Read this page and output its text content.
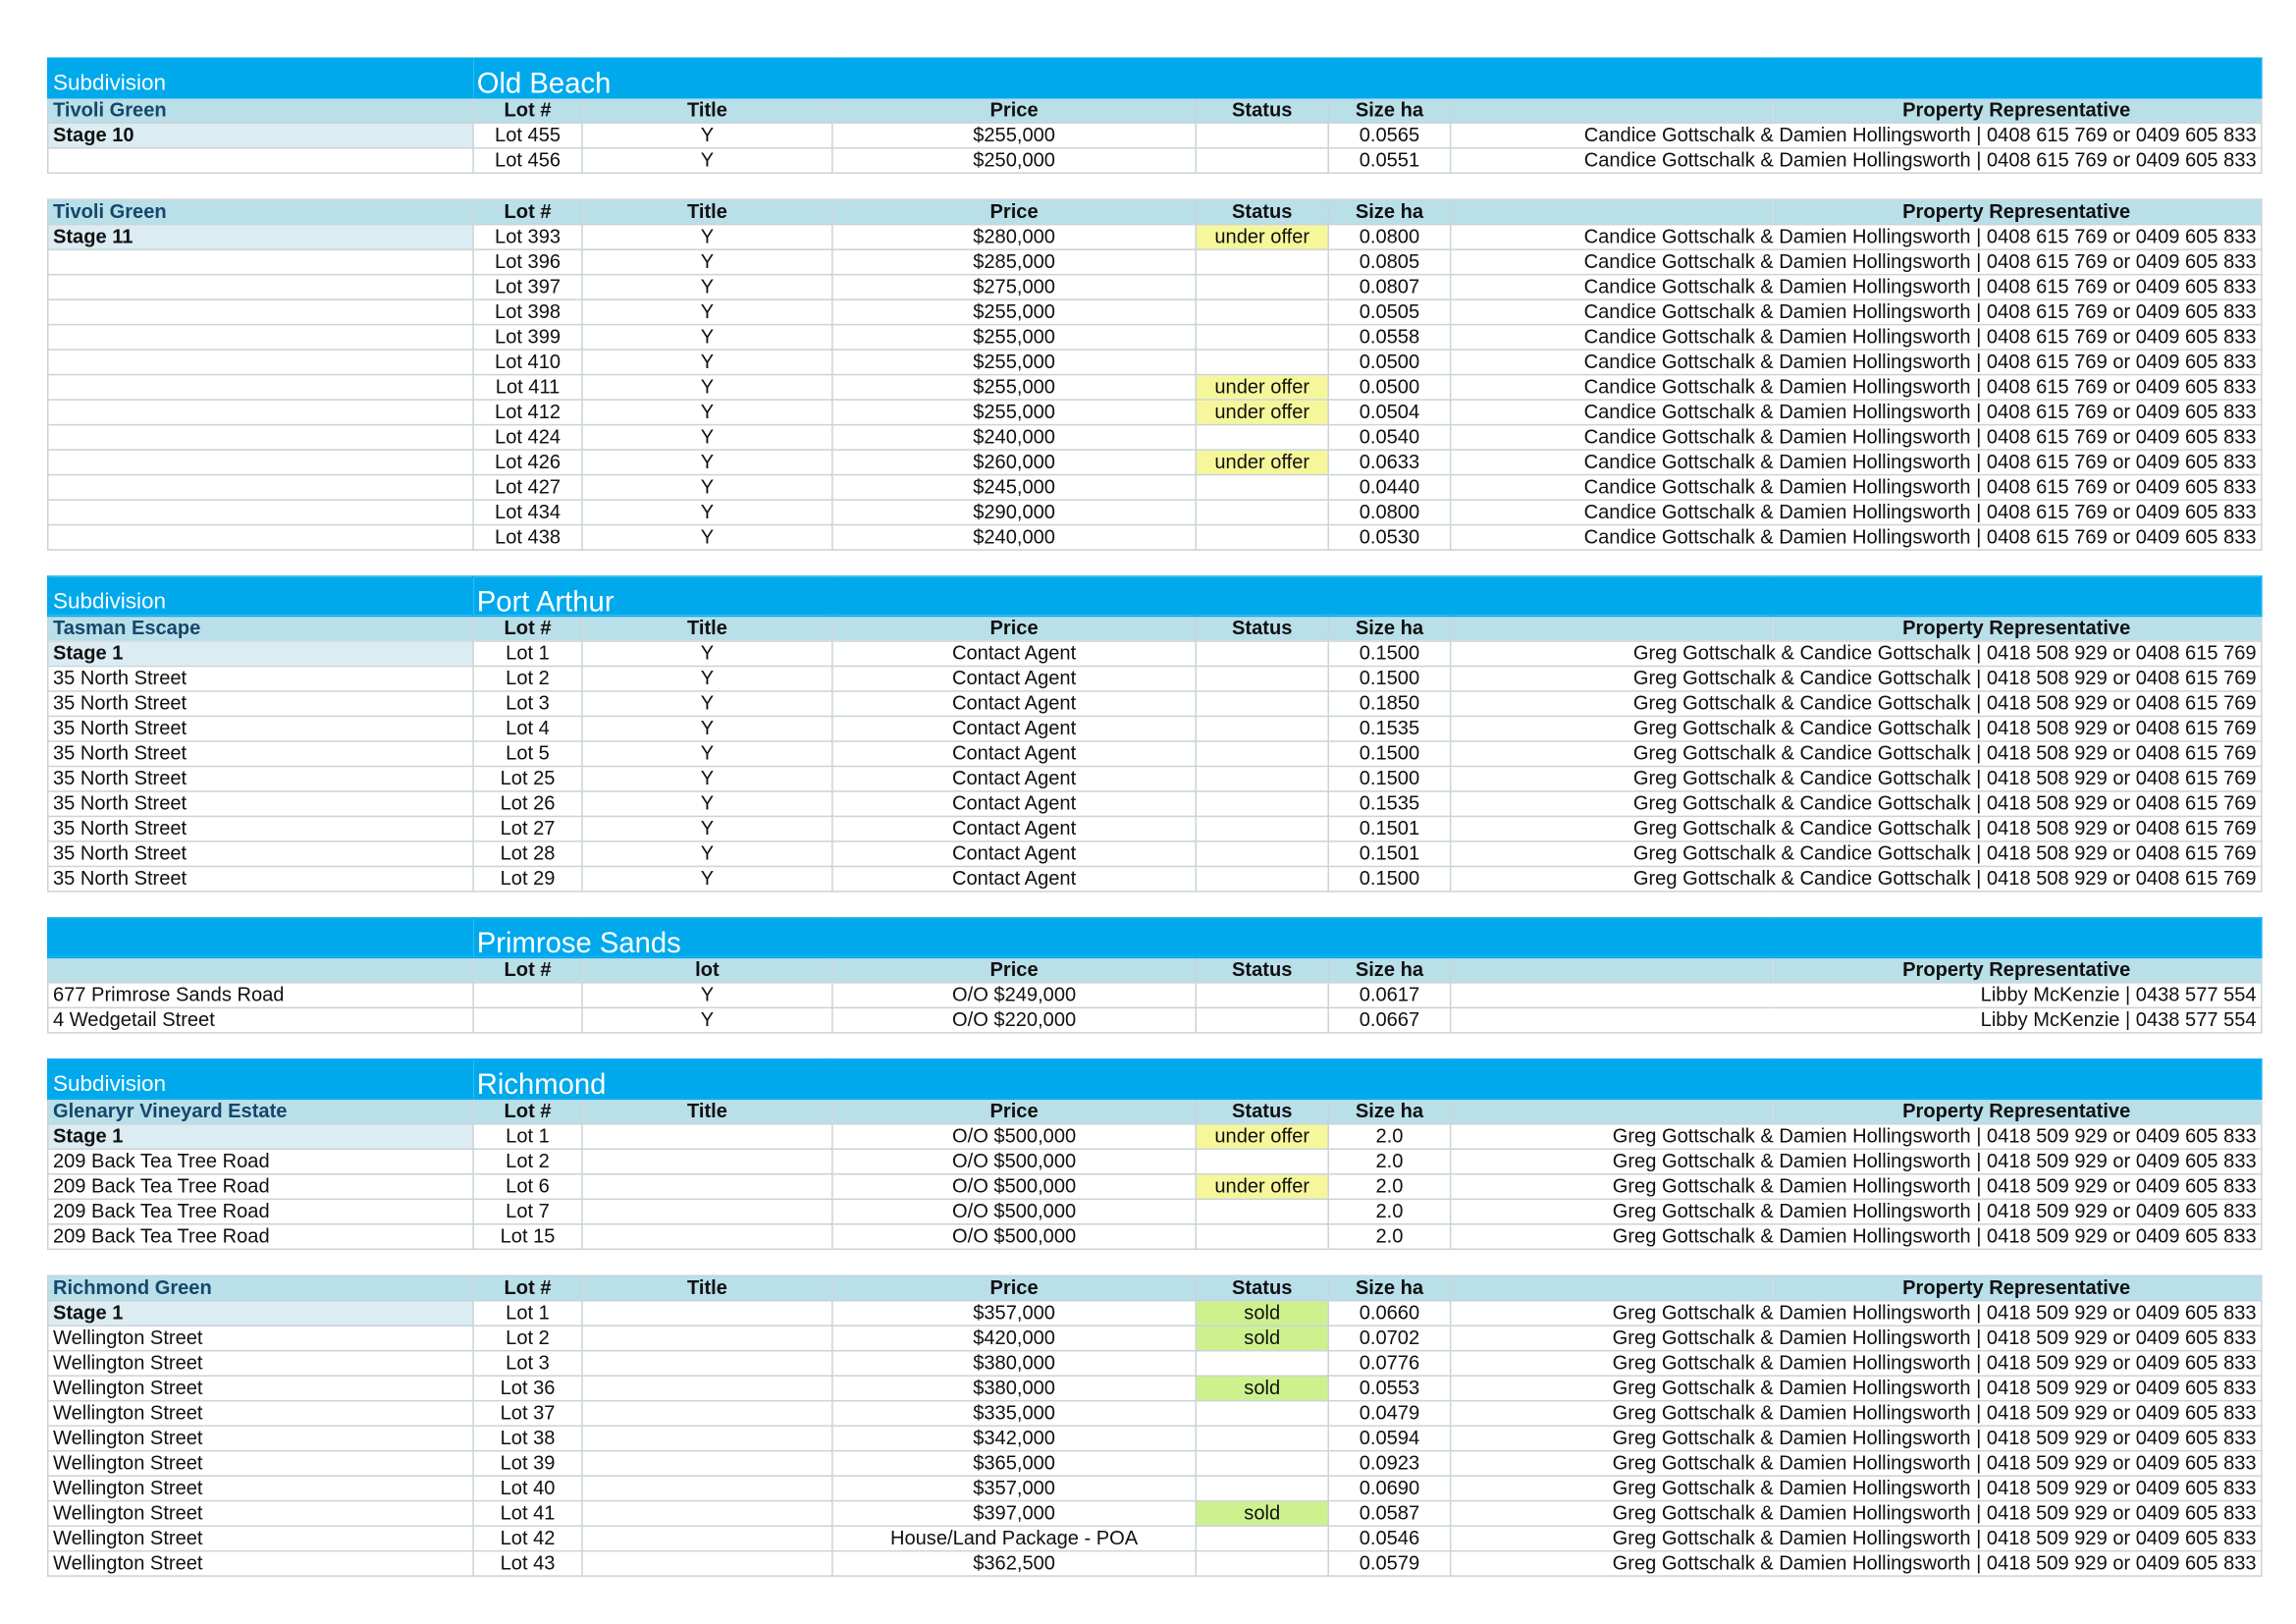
Subdivision	Old Beach						
Tivoli Green	Lot #	Title	Price	Status	Size ha		Property Representative
Stage 10	Lot 455	Y	$255,000		0.0565	Candice Gottschalk & Damien Hollingsworth | 0408 615 769 or 0409 605 833	
	Lot 456	Y	$250,000		0.0551	Candice Gottschalk & Damien Hollingsworth | 0408 615 769 or 0409 605 833	
Tivoli Green	Lot #	Title	Price	Status	Size ha		Property Representative
Stage 11	Lot 393	Y	$280,000	under offer	0.0800	Candice Gottschalk & Damien Hollingsworth | 0408 615 769 or 0409 605 833	
	Lot 396	Y	$285,000		0.0805	Candice Gottschalk & Damien Hollingsworth | 0408 615 769 or 0409 605 833	
	Lot 397	Y	$275,000		0.0807	Candice Gottschalk & Damien Hollingsworth | 0408 615 769 or 0409 605 833	
	Lot 398	Y	$255,000		0.0505	Candice Gottschalk & Damien Hollingsworth | 0408 615 769 or 0409 605 833	
	Lot 399	Y	$255,000		0.0558	Candice Gottschalk & Damien Hollingsworth | 0408 615 769 or 0409 605 833	
	Lot 410	Y	$255,000		0.0500	Candice Gottschalk & Damien Hollingsworth | 0408 615 769 or 0409 605 833	
	Lot 411	Y	$255,000	under offer	0.0500	Candice Gottschalk & Damien Hollingsworth | 0408 615 769 or 0409 605 833	
	Lot 412	Y	$255,000	under offer	0.0504	Candice Gottschalk & Damien Hollingsworth | 0408 615 769 or 0409 605 833	
	Lot 424	Y	$240,000		0.0540	Candice Gottschalk & Damien Hollingsworth | 0408 615 769 or 0409 605 833	
	Lot 426	Y	$260,000	under offer	0.0633	Candice Gottschalk & Damien Hollingsworth | 0408 615 769 or 0409 605 833	
	Lot 427	Y	$245,000		0.0440	Candice Gottschalk & Damien Hollingsworth | 0408 615 769 or 0409 605 833	
	Lot 434	Y	$290,000		0.0800	Candice Gottschalk & Damien Hollingsworth | 0408 615 769 or 0409 605 833	
	Lot 438	Y	$240,000		0.0530	Candice Gottschalk & Damien Hollingsworth | 0408 615 769 or 0409 605 833	
Subdivision	Port Arthur						
Tasman Escape	Lot #	Title	Price	Status	Size ha		Property Representative
Stage 1	Lot 1	Y	Contact Agent		0.1500	Greg Gottschalk & Candice Gottschalk | 0418 508 929 or 0408 615 769	
35 North Street	Lot 2	Y	Contact Agent		0.1500	Greg Gottschalk & Candice Gottschalk | 0418 508 929 or 0408 615 769	
35 North Street	Lot 3	Y	Contact Agent		0.1850	Greg Gottschalk & Candice Gottschalk | 0418 508 929 or 0408 615 769	
35 North Street	Lot 4	Y	Contact Agent		0.1535	Greg Gottschalk & Candice Gottschalk | 0418 508 929 or 0408 615 769	
35 North Street	Lot 5	Y	Contact Agent		0.1500	Greg Gottschalk & Candice Gottschalk | 0418 508 929 or 0408 615 769	
35 North Street	Lot 25	Y	Contact Agent		0.1500	Greg Gottschalk & Candice Gottschalk | 0418 508 929 or 0408 615 769	
35 North Street	Lot 26	Y	Contact Agent		0.1535	Greg Gottschalk & Candice Gottschalk | 0418 508 929 or 0408 615 769	
35 North Street	Lot 27	Y	Contact Agent		0.1501	Greg Gottschalk & Candice Gottschalk | 0418 508 929 or 0408 615 769	
35 North Street	Lot 28	Y	Contact Agent		0.1501	Greg Gottschalk & Candice Gottschalk | 0418 508 929 or 0408 615 769	
35 North Street	Lot 29	Y	Contact Agent		0.1500	Greg Gottschalk & Candice Gottschalk | 0418 508 929 or 0408 615 769	
	Primrose Sands						
	Lot #	lot	Price	Status	Size ha		Property Representative
677 Primrose Sands Road		Y	O/O $249,000		0.0617	Libby McKenzie | 0438 577 554	
4 Wedgetail Street		Y	O/O $220,000		0.0667	Libby McKenzie | 0438 577 554	
Subdivision	Richmond						
Glenaryr Vineyard Estate	Lot #	Title	Price	Status	Size ha		Property Representative
Stage 1	Lot 1		O/O $500,000	under offer	2.0	Greg Gottschalk & Damien Hollingsworth | 0418 509 929 or 0409 605 833	
209 Back Tea Tree Road	Lot 2		O/O $500,000		2.0	Greg Gottschalk & Damien Hollingsworth | 0418 509 929 or 0409 605 833	
209 Back Tea Tree Road	Lot 6		O/O $500,000	under offer	2.0	Greg Gottschalk & Damien Hollingsworth | 0418 509 929 or 0409 605 833	
209 Back Tea Tree Road	Lot 7		O/O $500,000		2.0	Greg Gottschalk & Damien Hollingsworth | 0418 509 929 or 0409 605 833	
209 Back Tea Tree Road	Lot 15		O/O $500,000		2.0	Greg Gottschalk & Damien Hollingsworth | 0418 509 929 or 0409 605 833	
Richmond Green	Lot #	Title	Price	Status	Size ha		Property Representative
Stage 1	Lot 1		$357,000	sold	0.0660	Greg Gottschalk & Damien Hollingsworth | 0418 509 929 or 0409 605 833	
Wellington Street	Lot 2		$420,000	sold	0.0702	Greg Gottschalk & Damien Hollingsworth | 0418 509 929 or 0409 605 833	
Wellington Street	Lot 3		$380,000		0.0776	Greg Gottschalk & Damien Hollingsworth | 0418 509 929 or 0409 605 833	
Wellington Street	Lot 36		$380,000	sold	0.0553	Greg Gottschalk & Damien Hollingsworth | 0418 509 929 or 0409 605 833	
Wellington Street	Lot 37		$335,000		0.0479	Greg Gottschalk & Damien Hollingsworth | 0418 509 929 or 0409 605 833	
Wellington Street	Lot 38		$342,000		0.0594	Greg Gottschalk & Damien Hollingsworth | 0418 509 929 or 0409 605 833	
Wellington Street	Lot 39		$365,000		0.0923	Greg Gottschalk & Damien Hollingsworth | 0418 509 929 or 0409 605 833	
Wellington Street	Lot 40		$357,000		0.0690	Greg Gottschalk & Damien Hollingsworth | 0418 509 929 or 0409 605 833	
Wellington Street	Lot 41		$397,000	sold	0.0587	Greg Gottschalk & Damien Hollingsworth | 0418 509 929 or 0409 605 833	
Wellington Street	Lot 42		House/Land Package - POA		0.0546	Greg Gottschalk & Damien Hollingsworth | 0418 509 929 or 0409 605 833	
Wellington Street	Lot 43		$362,500		0.0579	Greg Gottschalk & Damien Hollingsworth | 0418 509 929 or 0409 605 833	
